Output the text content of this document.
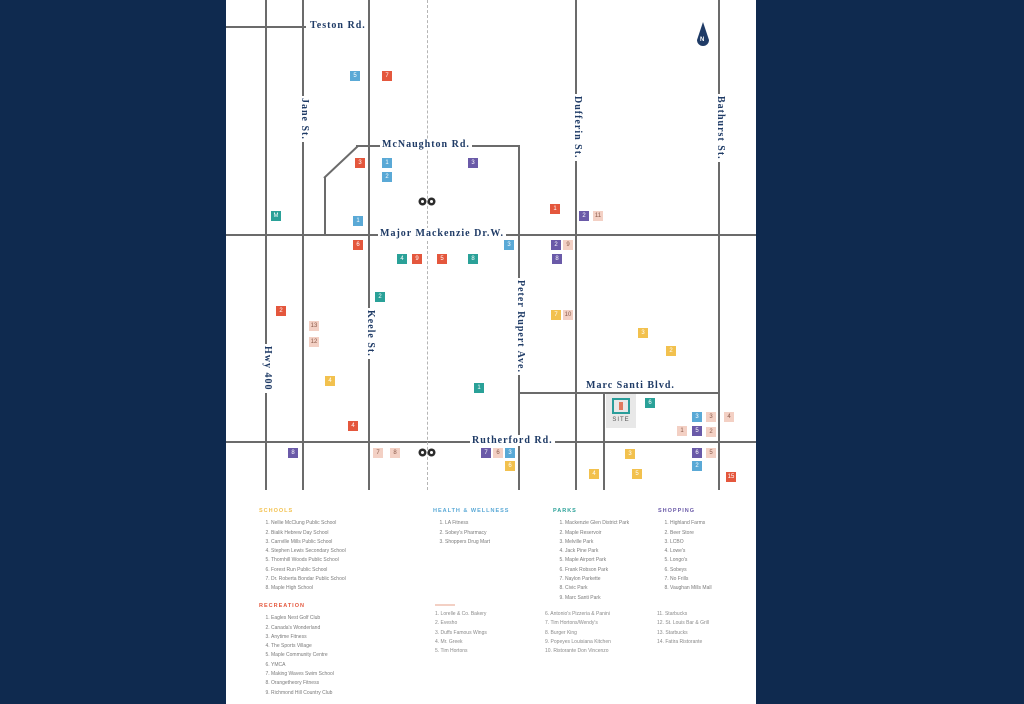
Teston Rd.
McNaughton Rd.
Major Mackenzie Dr.W.
Marc Santi Blvd.
Rutherford Rd.
Jane St.	Dufferin St.	Bathurst St.
Keele St.	Peter Rupert Ave.
Hwy 400
N
SITE
5	7
3	1	3
2
M
1
1
2	11
6	3	2	9
4	9	5	8	8
2
2
7	10
13
12
3
2
4
1
6
3	3	4
4
1	5	2
8	7	8	7	6	3	3	6	5
6	2
4	5	15
SCHOOLS
1. Nellie McClung Public School
2. Bialik Hebrew Day School
3. Carrville Mills Public School
4. Stephen Lewis Secondary School
5. Thornhill Woods Public School
6. Forest Run Public School
7. Dr. Roberta Bondar Public School
8. Maple High School
RECREATION
1. Eagles Nest Golf Club
2. Canada's Wonderland
3. Anytime Fitness
4. The Sports Village
5. Maple Community Centre
6. YMCA
7. Making Waves Swim School
8. Orangetheory Fitness
9. Richmond Hill Country Club
HEALTH & WELLNESS
1. LA Fitness
2. Sobey's Pharmacy
3. Shoppers Drug Mart
PARKS
1. Mackenzie Glen District Park
2. Maple Reservoir
3. Melville Park
4. Jack Pine Park
5. Maple Airport Park
6. Frank Robson Park
7. Naylon Parkette
8. Civic Park
9. Marc Santi Park
SHOPPING
1. Highland Farms
2. Beer Store
3. LCBO
4. Lowe's
5. Longo's
6. Sobeys
7. No Frills
8. Vaughan Mills Mall
1. Lorelle & Co. Bakery
2. Evesho
3. Duffs Famous Wings
4. Mr. Greek
5. Tim Hortons
6. Antonio's Pizzeria & Panini
7. Tim Hortons/Wendy's
8. Burger King
9. Popeyes Louisiana Kitchen
10. Ristorante Don Vincenzo
11. Starbucks
12. St. Louis Bar & Grill
13. Starbucks
14. Fatira Ristorante
